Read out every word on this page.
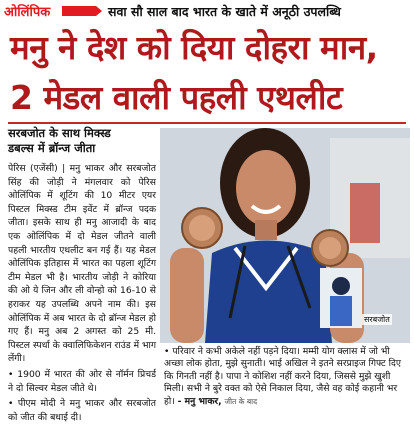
ओलिंपिक	सवा सौ साल बाद भारत के खाते में अनूठी उपलब्धि
मनु ने देश को दिया दोहरा मान,
2 मेडल वाली पहली एथलीट
सरबजोत के साथ मिक्स्ड
डबल्स में ब्रॉन्ज जीता

पेरिस (एजेंसी) | मनु भाकर और सरबजोत सिंह की जोड़ी ने मंगलवार को पेरिस ओलिंपिक में शूटिंग की 10 मीटर एयर पिस्टल मिक्स्ड टीम इवेंट में ब्रॉन्ज पदक जीता। इसके साथ ही मनु आजादी के बाद एक ओलिंपिक में दो मेडल जीतने वाली पहली भारतीय एथलीट बन गई हैं। यह मेडल ओलिंपिक इतिहास में भारत का पहला शूटिंग टीम मेडल भी है। भारतीय जोड़ी ने कोरिया की ओ ये जिन और ली वोन्हो को 16-10 से हराकर यह उपलब्धि अपने नाम की। इस ओलिंपिक में अब भारत के दो ब्रॉन्ज मेडल हो गए हैं। मनु अब 2 अगस्त को 25 मी. पिस्टल स्पर्धा के क्वालिफिकेशन राउंड में भाग लेंगी।

• 1900 में भारत की ओर से नॉर्मन प्रिचर्ड ने दो सिल्वर मेडल जीते थे।

• पीएम मोदी ने मनु भाकर और सरबजोत को जीत की बधाई दी।

सरबजोत
• परिवार ने कभी अकेले नहीं पड़ने दिया। मम्मी योग क्लास में जो भी अच्छा लोक होता, मुझे सुनाती। भाई अखिल ने इतने सरप्राइज गिफ्ट दिए कि गिनती नहीं है। पापा ने कोशिश नहीं करने दिया, जिससे मुझे खुशी मिली। सभी ने बुरे वक्त को ऐसे निकाल दिया, जैसे वह कोई कहानी भर हो। - मनु भाकर, जीत के बाद
